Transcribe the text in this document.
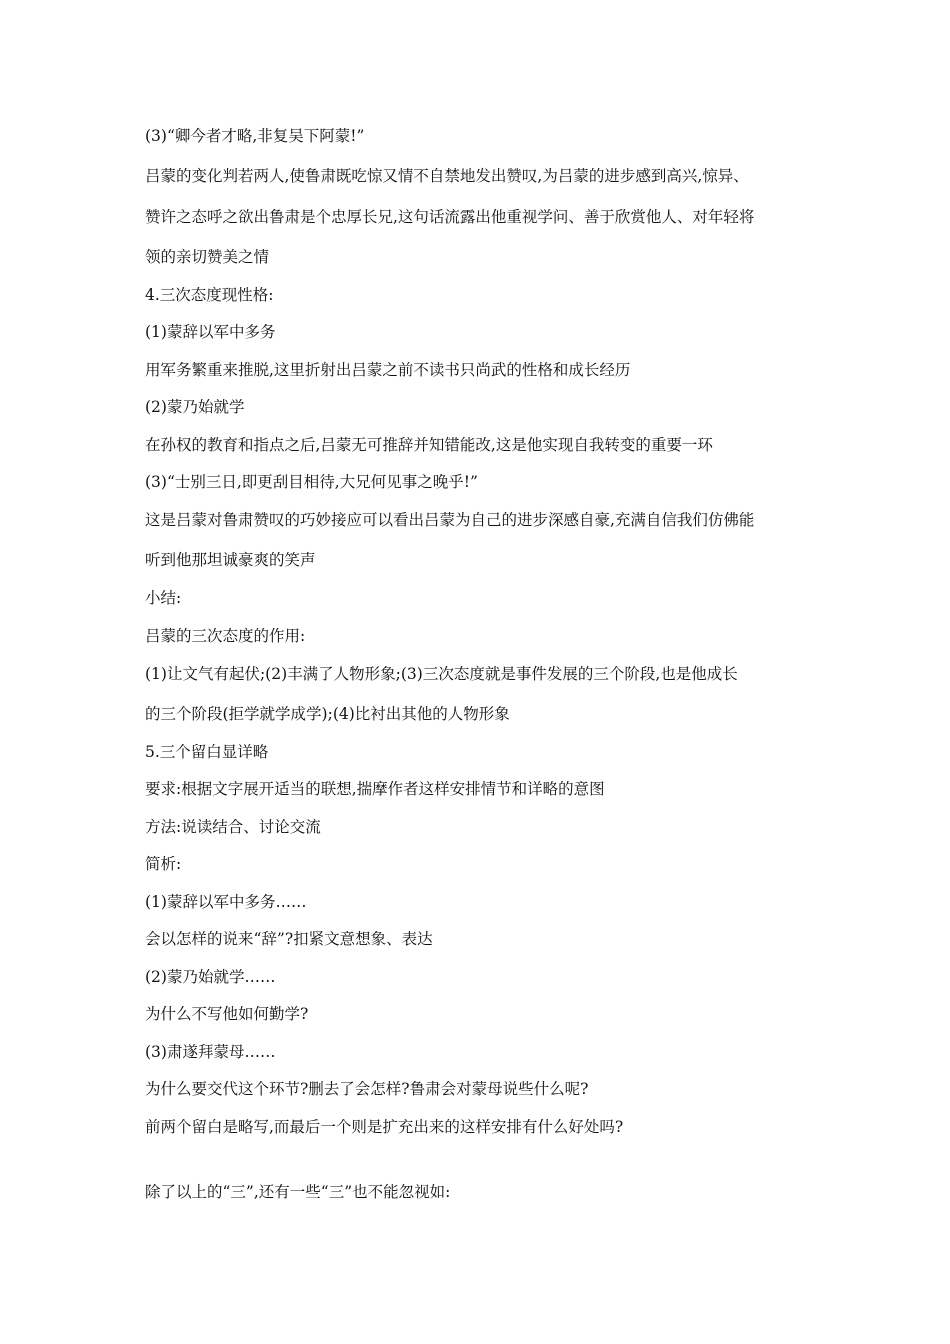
(3)“卿今者才略,非复吴下阿蒙!”
吕蒙的变化判若两人,使鲁肃既吃惊又情不自禁地发出赞叹,为吕蒙的进步感到高兴,惊异、
赞许之态呼之欲出鲁肃是个忠厚长兄,这句话流露出他重视学问、善于欣赏他人、对年轻将
领的亲切赞美之情
4.三次态度现性格:
(1)蒙辞以军中多务
用军务繁重来推脱,这里折射出吕蒙之前不读书只尚武的性格和成长经历
(2)蒙乃始就学
在孙权的教育和指点之后,吕蒙无可推辞并知错能改,这是他实现自我转变的重要一环
(3)“士别三日,即更刮目相待,大兄何见事之晚乎!”
这是吕蒙对鲁肃赞叹的巧妙接应可以看出吕蒙为自己的进步深感自豪,充满自信我们仿佛能
听到他那坦诚豪爽的笑声
小结:
吕蒙的三次态度的作用:
(1)让文气有起伏;(2)丰满了人物形象;(3)三次态度就是事件发展的三个阶段,也是他成长
的三个阶段(拒学就学成学);(4)比衬出其他的人物形象
5.三个留白显详略
要求:根据文字展开适当的联想,揣摩作者这样安排情节和详略的意图
方法:说读结合、讨论交流
简析:
(1)蒙辞以军中多务……
会以怎样的说来“辞”?扣紧文意想象、表达
(2)蒙乃始就学……
为什么不写他如何勤学?
(3)肃遂拜蒙母……
为什么要交代这个环节?删去了会怎样?鲁肃会对蒙母说些什么呢?
前两个留白是略写,而最后一个则是扩充出来的这样安排有什么好处吗?
除了以上的“三”,还有一些“三”也不能忽视如:
